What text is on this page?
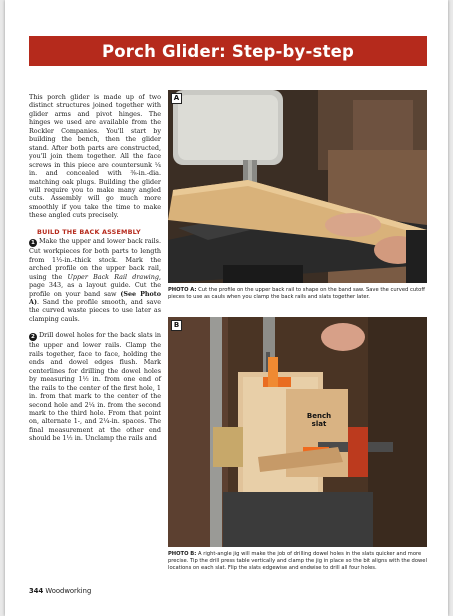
Porch Glider: Step-by-step

This porch glider is made up of two distinct structures joined together with glider arms and pivot hinges. The hinges we used are available from the Rockler Companies. You'll start by building the bench, then the glider stand. After both parts are constructed, you'll join them together. All the face screws in this piece are countersunk ¼ in. and concealed with ⅜-in.-dia. matching oak plugs. Building the glider will require you to make many angled cuts. Assembly will go much more smoothly if you take the time to make these angled cuts precisely.

BUILD THE BACK ASSEMBLY

1 Make the upper and lower back rails. Cut workpieces for both parts to length from 1½-in.-thick stock. Mark the arched profile on the upper back rail, using the Upper Back Rail drawing, page 343, as a layout guide. Cut the profile on your band saw (See Photo A). Sand the profile smooth, and save the curved waste pieces to use later as clamping cauls.

2 Drill dowel holes for the back slats in the upper and lower rails. Clamp the rails together, face to face, holding the ends and dowel edges flush. Mark centerlines for drilling the dowel holes by measuring 1½ in. from one end of the rails to the center of the first hole, 1 in. from that mark to the center of the second hole and 2¼ in. from the second mark to the third hole. From that point on, alternate 1-, and 2¼-in. spaces. The final measurement at the other end should be 1½ in. Unclamp the rails and

A
PHOTO A: Cut the profile on the upper back rail to shape on the band saw. Save the curved cutoff pieces to use as cauls when you clamp the back rails and slats together later.
B
Bench slat
PHOTO B: A right-angle jig will make the job of drilling dowel holes in the slats quicker and more precise. Tip the drill press table vertically and clamp the jig in place so the bit aligns with the dowel locations on each slat. Flip the slats edgewise and endwise to drill all four holes.
344 Woodworking
